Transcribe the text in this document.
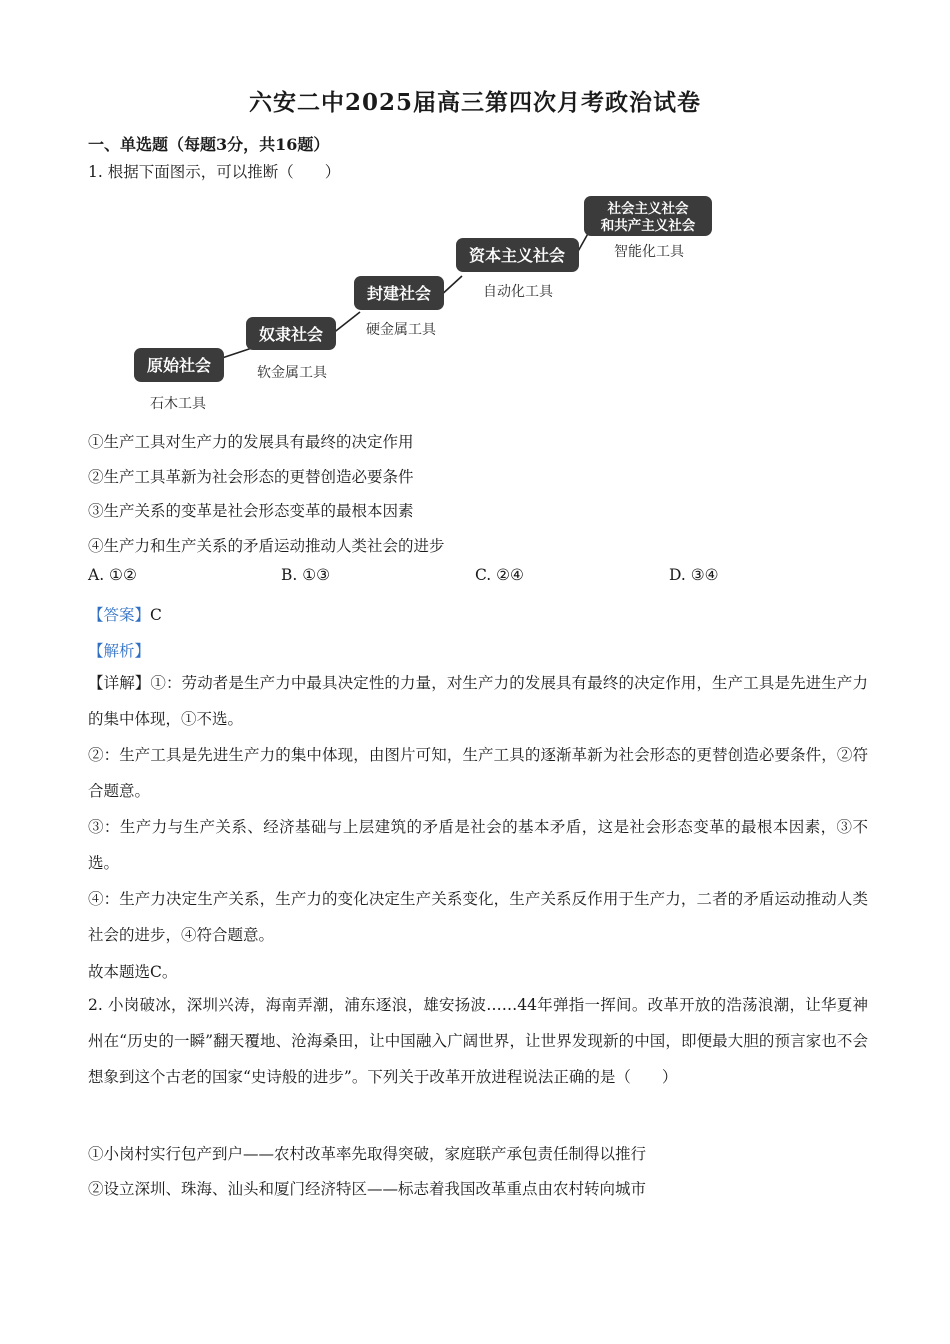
六安二中2025届高三第四次月考政治试卷
一、单选题（每题3分，共16题）
1. 根据下面图示，可以推断（　　）
原始社会
石木工具
奴隶社会
软金属工具
封建社会
硬金属工具
资本主义社会
自动化工具
社会主义社会
和共产主义社会
智能化工具
①生产工具对生产力的发展具有最终的决定作用
②生产工具革新为社会形态的更替创造必要条件
③生产关系的变革是社会形态变革的最根本因素
④生产力和生产关系的矛盾运动推动人类社会的进步
A. ①②	B. ①③	C. ②④	D. ③④
【答案】C
【解析】
【详解】①：劳动者是生产力中最具决定性的力量，对生产力的发展具有最终的决定作用，生产工具是先进生产力的集中体现，①不选。
②：生产工具是先进生产力的集中体现，由图片可知，生产工具的逐渐革新为社会形态的更替创造必要条件，②符合题意。
③：生产力与生产关系、经济基础与上层建筑的矛盾是社会的基本矛盾，这是社会形态变革的最根本因素，③不选。
④：生产力决定生产关系，生产力的变化决定生产关系变化，生产关系反作用于生产力，二者的矛盾运动推动人类社会的进步，④符合题意。
故本题选C。
2. 小岗破冰，深圳兴涛，海南弄潮，浦东逐浪，雄安扬波……44年弹指一挥间。改革开放的浩荡浪潮，让华夏神州在“历史的一瞬”翻天覆地、沧海桑田，让中国融入广阔世界，让世界发现新的中国，即便最大胆的预言家也不会想象到这个古老的国家“史诗般的进步”。下列关于改革开放进程说法正确的是（　　）
①小岗村实行包产到户——农村改革率先取得突破，家庭联产承包责任制得以推行
②设立深圳、珠海、汕头和厦门经济特区——标志着我国改革重点由农村转向城市
